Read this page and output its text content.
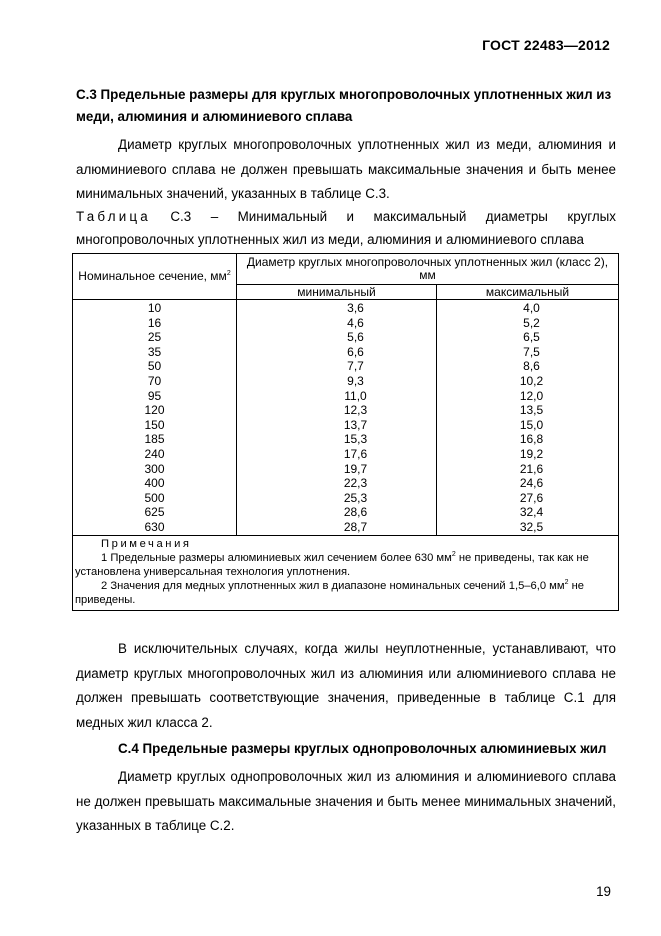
ГОСТ 22483—2012
С.3 Предельные размеры для круглых многопроволочных уплотненных жил из меди, алюминия и алюминиевого сплава
Диаметр круглых многопроволочных уплотненных жил из меди, алюминия и алюминиевого сплава не должен превышать максимальные значения и быть менее минимальных значений, указанных в таблице С.3.
Таблица С.3 – Минимальный и максимальный диаметры круглых многопроволочных уплотненных жил из меди, алюминия и алюминиевого сплава
Номинальное сечение, $мм^2$	Диаметр круглых многопроволочных уплотненных жил (класс 2), мм	
	минимальный	максимальный
10	3,6	4,0
16	4,6	5,2
25	5,6	6,5
35	6,6	7,5
50	7,7	8,6
70	9,3	10,2
95	11,0	12,0
120	12,3	13,5
150	13,7	15,0
185	15,3	16,8
240	17,6	19,2
300	19,7	21,6
400	22,3	24,6
500	25,3	27,6
625	28,6	32,4
630	28,7	32,5

Примечания
1 Предельные размеры алюминиевых жил сечением более 630 $мм^2$ не приведены, так как не установлена универсальная технология уплотнения.
2 Значения для медных уплотненных жил в диапазоне номинальных сечений 1,5–6,0 $мм^2$ не приведены.		
В исключительных случаях, когда жилы неуплотненные, устанавливают, что диаметр круглых многопроволочных жил из алюминия или алюминиевого сплава не должен превышать соответствующие значения, приведенные в таблице С.1 для медных жил класса 2.
С.4 Предельные размеры круглых однопроволочных алюминиевых жил
Диаметр круглых однопроволочных жил из алюминия и алюминиевого сплава не должен превышать максимальные значения и быть менее минимальных значений, указанных в таблице С.2.
19
